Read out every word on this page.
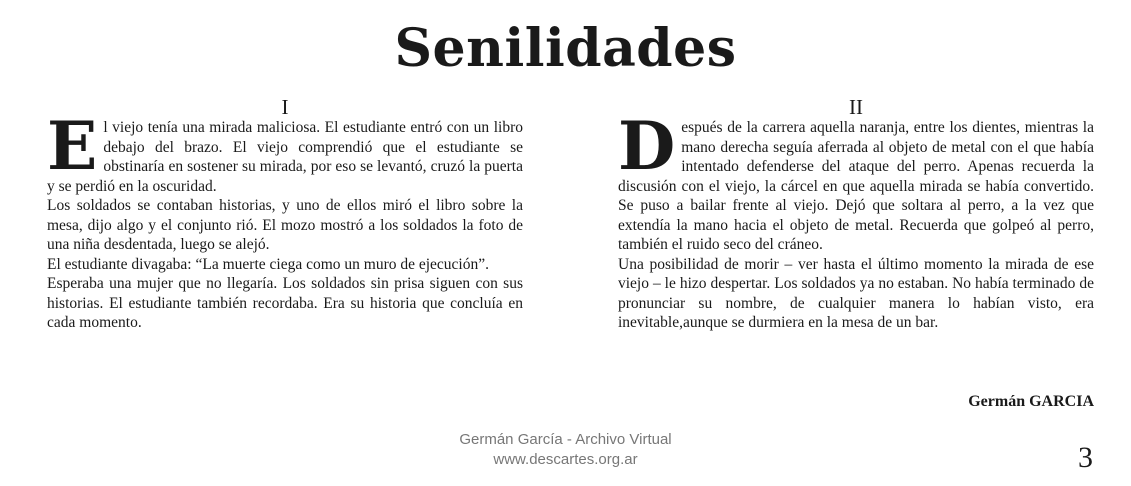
Senilidades
I

El viejo tenía una mirada maliciosa. El estudiante entró con un libro debajo del brazo. El viejo comprendió que el estudiante se obstinaría en sostener su mirada, por eso se levantó, cruzó la puerta y se perdió en la oscuridad.

Los soldados se contaban historias, y uno de ellos miró el libro sobre la mesa, dijo algo y el conjunto rió. El mozo mostró a los soldados la foto de una niña desdentada, luego se alejó.

El estudiante divagaba: “La muerte ciega como un muro de ejecución”.

Esperaba una mujer que no llegaría. Los soldados sin prisa siguen con sus historias. El estudiante también recordaba. Era su historia que concluía en cada momento.

II

Después de la carrera aquella naranja, entre los dientes, mientras la mano derecha seguía aferrada al objeto de metal con el que había intentado defenderse del ataque del perro. Apenas recuerda la discusión con el viejo, la cárcel en que aquella mirada se había convertido. Se puso a bailar frente al viejo. Dejó que soltara al perro, a la vez que extendía la mano hacia el objeto de metal. Recuerda que golpeó al perro, también el ruido seco del cráneo.

Una posibilidad de morir – ver hasta el último momento la mirada de ese viejo – le hizo despertar. Los soldados ya no estaban. No había terminado de pronunciar su nombre, de cualquier manera lo habían visto, era inevitable,aunque se durmiera en la mesa de un bar.

Germán GARCIA
Germán García - Archivo Virtual
www.descartes.org.ar	3
